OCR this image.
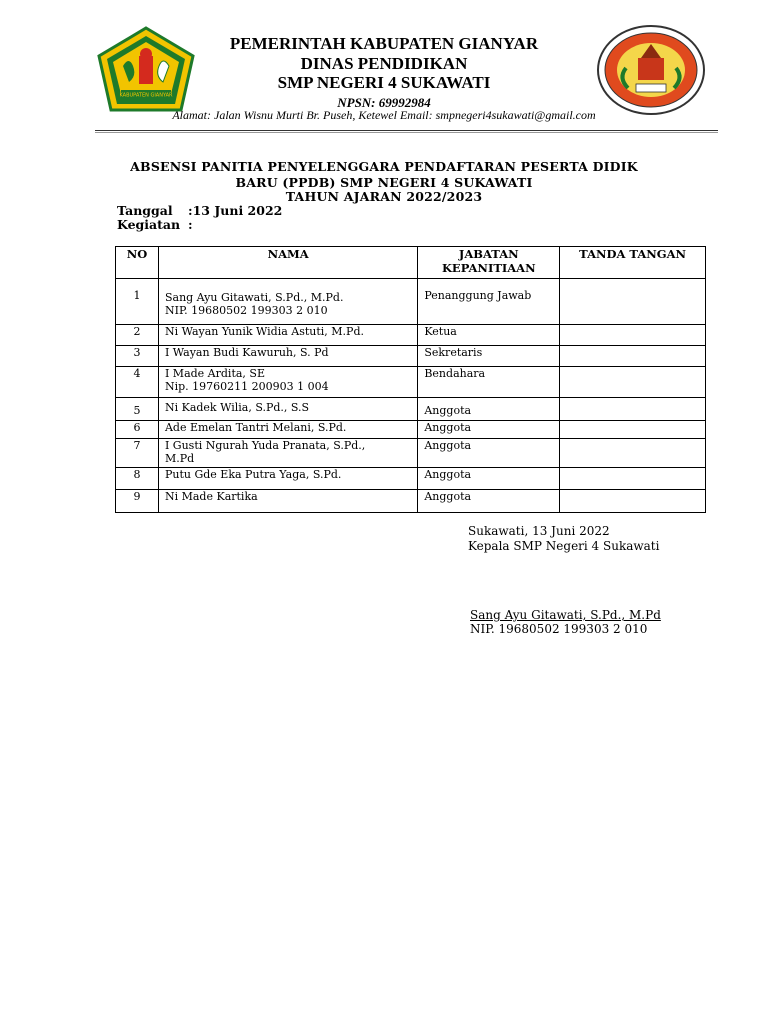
KABUPATEN GIANYAR
PEMERINTAH KABUPATEN GIANYAR
DINAS PENDIDIKAN
SMP NEGERI 4 SUKAWATI
NPSN: 69992984
Alamat: Jalan Wisnu Murti Br. Puseh, Ketewel Email: smpnegeri4sukawati@gmail.com
ABSENSI PANITIA PENYELENGGARA PENDAFTARAN PESERTA DIDIK
BARU (PPDB) SMP NEGERI 4 SUKAWATI
TAHUN AJARAN 2022/2023
Tanggal :13 Juni 2022
Kegiatan :
NO	NAMA	JABATAN KEPANITIAAN	TANDA TANGAN
1	Sang Ayu Gitawati, S.Pd., M.Pd.
NIP. 19680502 199303 2 010	Penanggung Jawab	
2	Ni Wayan Yunik Widia Astuti, M.Pd.	Ketua	
3	I Wayan Budi Kawuruh, S. Pd	Sekretaris	
4	I Made Ardita, SE
Nip. 19760211 200903 1 004	Bendahara	
5	Ni Kadek Wilia, S.Pd., S.S	Anggota	
6	Ade Emelan Tantri Melani, S.Pd.	Anggota	
7	I Gusti Ngurah Yuda Pranata, S.Pd.,
M.Pd	Anggota	
8	Putu Gde Eka Putra Yaga, S.Pd.	Anggota	
9	Ni Made Kartika	Anggota	
Sukawati, 13 Juni 2022
Kepala SMP Negeri 4 Sukawati
Sang Ayu Gitawati, S.Pd., M.Pd
NIP. 19680502 199303 2 010
